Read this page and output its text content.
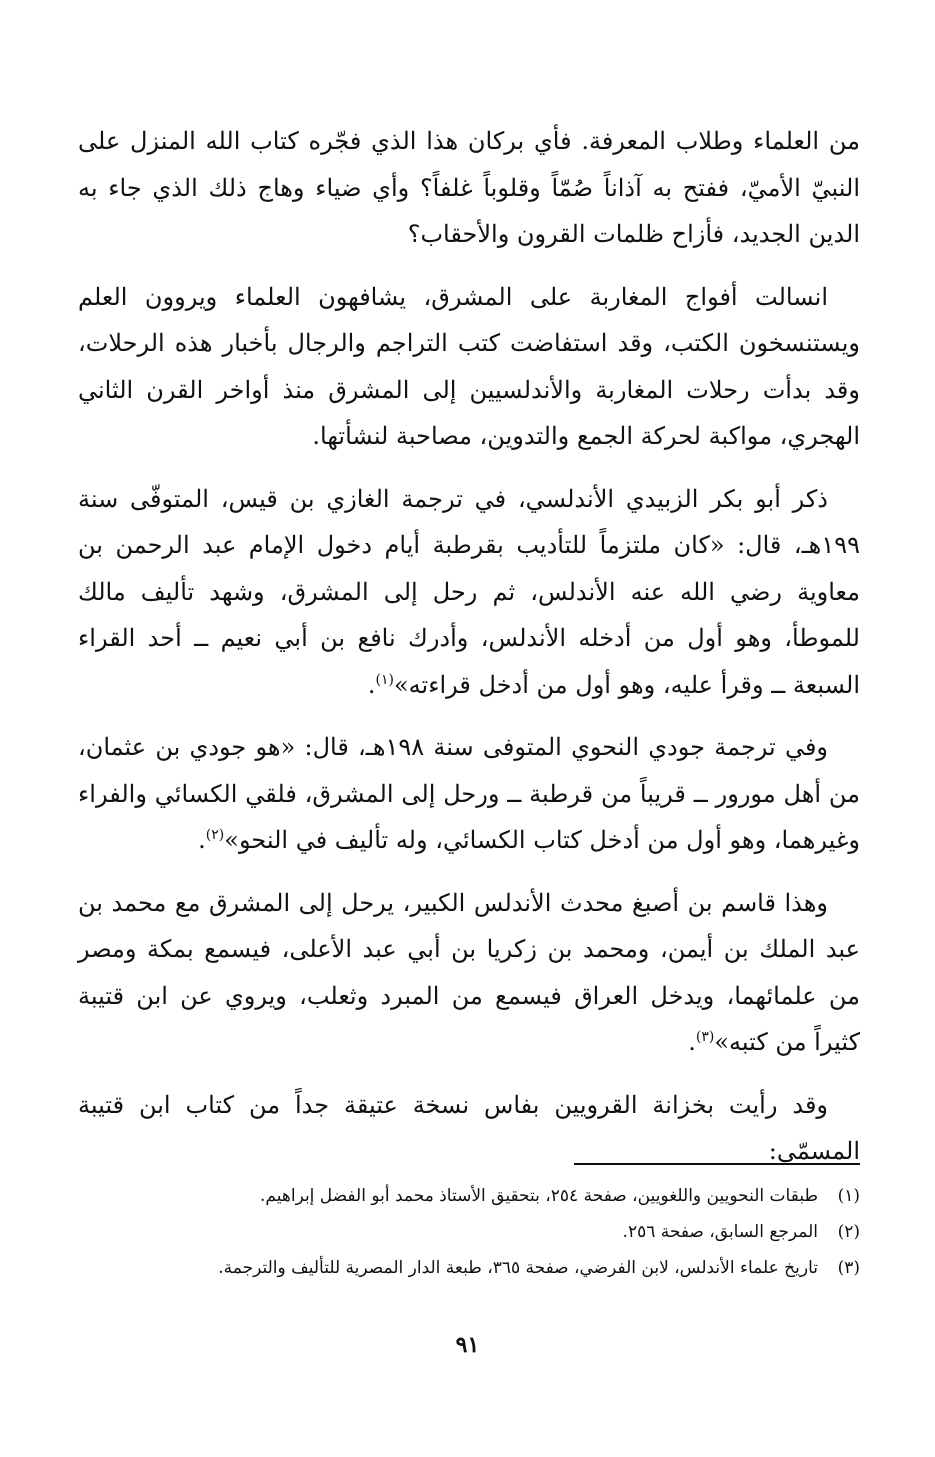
من العلماء وطلاب المعرفة. فأي بركان هذا الذي فجّره كتاب الله المنزل على النبيّ الأميّ، ففتح به آذاناً صُمّاً وقلوباً غلفاً؟ وأي ضياء وهاج ذلك الذي جاء به الدين الجديد، فأزاح ظلمات القرون والأحقاب؟

انسالت أفواج المغاربة على المشرق، يشافهون العلماء ويروون العلم ويستنسخون الكتب، وقد استفاضت كتب التراجم والرجال بأخبار هذه الرحلات، وقد بدأت رحلات المغاربة والأندلسيين إلى المشرق منذ أواخر القرن الثاني الهجري، مواكبة لحركة الجمع والتدوين، مصاحبة لنشأتها.

ذكر أبو بكر الزبيدي الأندلسي، في ترجمة الغازي بن قيس، المتوفّى سنة ١٩٩هـ، قال: «كان ملتزماً للتأديب بقرطبة أيام دخول الإمام عبد الرحمن بن معاوية رضي الله عنه الأندلس، ثم رحل إلى المشرق، وشهد تأليف مالك للموطأ، وهو أول من أدخله الأندلس، وأدرك نافع بن أبي نعيم ــ أحد القراء السبعة ــ وقرأ عليه، وهو أول من أدخل قراءته»$^{(١)}$.

وفي ترجمة جودي النحوي المتوفى سنة ١٩٨هـ، قال: «هو جودي بن عثمان، من أهل مورور ــ قريباً من قرطبة ــ ورحل إلى المشرق، فلقي الكسائي والفراء وغيرهما، وهو أول من أدخل كتاب الكسائي، وله تأليف في النحو»$^{(٢)}$.

وهذا قاسم بن أصبغ محدث الأندلس الكبير، يرحل إلى المشرق مع محمد بن عبد الملك بن أيمن، ومحمد بن زكريا بن أبي عبد الأعلى، فيسمع بمكة ومصر من علمائهما، ويدخل العراق فيسمع من المبرد وثعلب، ويروي عن ابن قتيبة كثيراً من كتبه»$^{(٣)}$.

وقد رأيت بخزانة القرويين بفاس نسخة عتيقة جداً من كتاب ابن قتيبة المسمّى:

(١)طبقات النحويين واللغويين، صفحة ٢٥٤، بتحقيق الأستاذ محمد أبو الفضل إبراهيم.

(٢)المرجع السابق، صفحة ٢٥٦.

(٣)تاريخ علماء الأندلس، لابن الفرضي، صفحة ٣٦٥، طبعة الدار المصرية للتأليف والترجمة.

٩١
